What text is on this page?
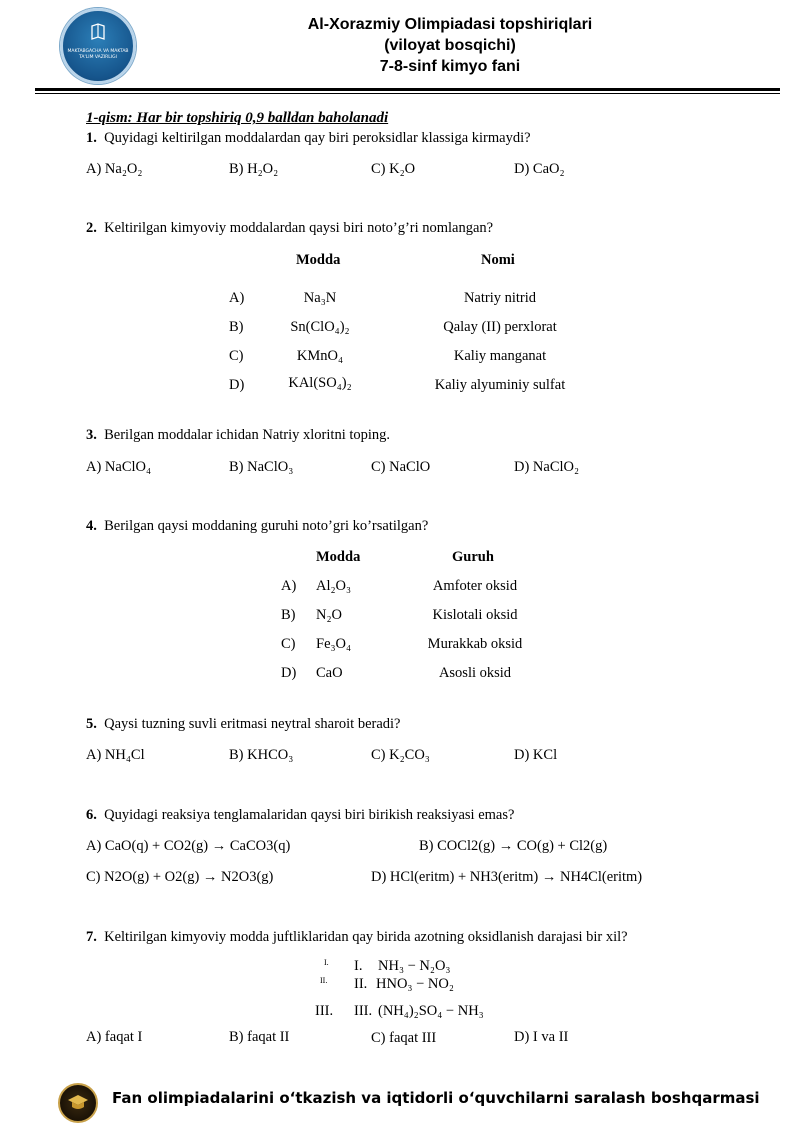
MAKTABGACHA VA MAKTAB TA'LIM VAZIRLIGI
Al-Xorazmiy Olimpiadasi topshiriqlari
(viloyat bosqichi)
7-8-sinf kimyo fani
1-qism: Har bir topshiriq 0,9 balldan baholanadi
1. Quyidagi keltirilgan moddalardan qay biri peroksidlar klassiga kirmaydi?
A) Na₂O₂	B) H₂O₂	C) K₂O	D) CaO₂
2. Keltirilgan kimyoviy moddalardan qaysi biri noto’g’ri nomlangan?
Modda	Nomi
A)	Na₃N	Natriy nitrid
B)	Sn(ClO₄)₂	Qalay (II) perxlorat
C)	KMnO₄	Kaliy manganat
D)	KAl(SO₄)₂	Kaliy alyuminiy sulfat
3. Berilgan moddalar ichidan Natriy xloritni toping.
A) NaClO₄	B) NaClO₃	C) NaClO	D) NaClO₂
4. Berilgan qaysi moddaning guruhi noto’gri ko’rsatilgan?
Modda	Guruh
A) Al₂O₃	Amfoter oksid
B) N₂O	Kislotali oksid
C) Fe₃O₄	Murakkab oksid
D) CaO	Asosli oksid
5. Qaysi tuzning suvli eritmasi neytral sharoit beradi?
A) NH₄Cl	B) KHCO₃	C) K₂CO₃	D) KCl
6. Quyidagi reaksiya tenglamalaridan qaysi biri birikish reaksiyasi emas?
A) CaO(q) + CO2(g) → CaCO3(q)	B) COCl2(g) → CO(g) + Cl2(g)
C) N2O(g) + O2(g) → N2O3(g)	D) HCl(eritm) + NH3(eritm) → NH4Cl(eritm)
7. Keltirilgan kimyoviy modda juftliklaridan qay birida azotning oksidlanish darajasi bir xil?
I. I. NH₃ − N₂O₃
II. II. HNO₃ − NO₂
III. III. (NH₄)₂SO₄ − NH₃
A) faqat I	B) faqat II	C) faqat III	D) I va II
Fan olimpiadalarini oʻtkazish va iqtidorli oʻquvchilarni saralash boshqarmasi
